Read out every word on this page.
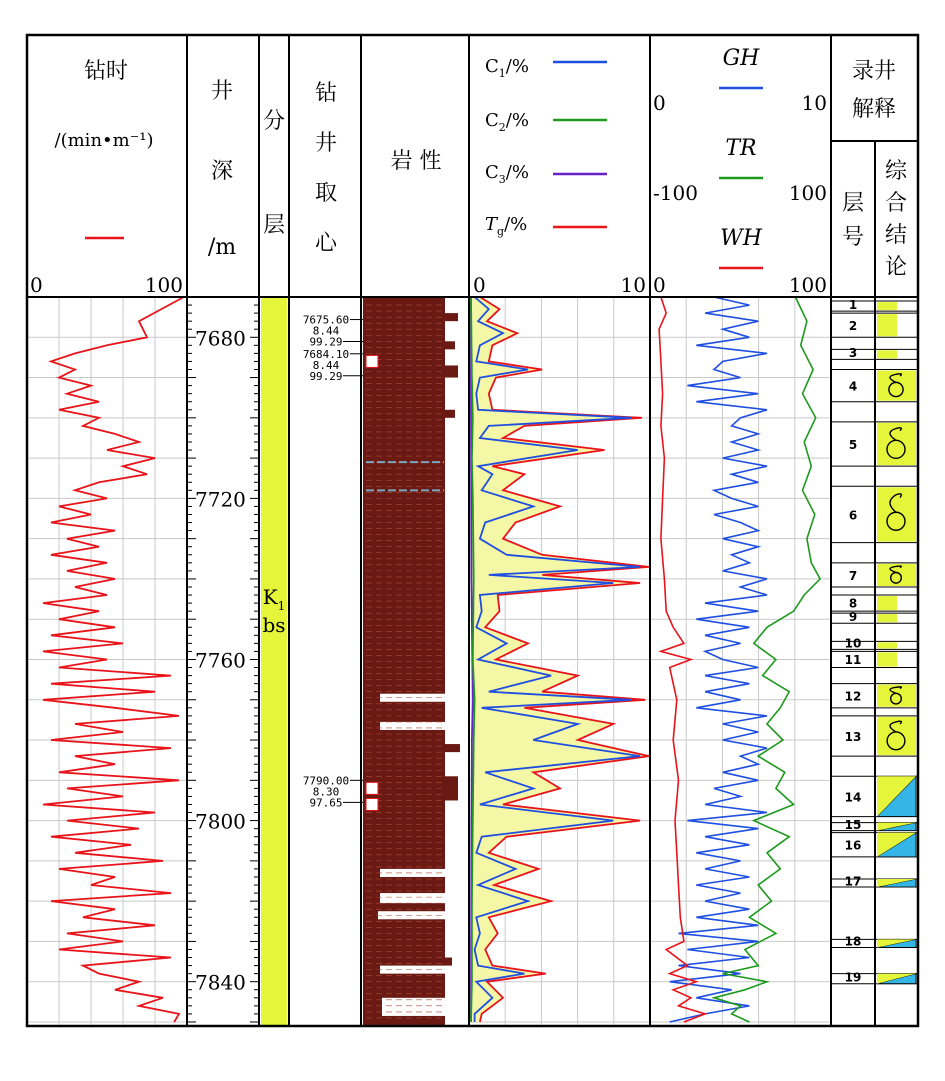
钻时
/(min•m⁻¹)
0	100
井
深
/m
分
层
钻
井
取
心
岩 性
$C_1/\%$
$C_2/\%$
$C_3/\%$
$T_g/\%$
0	10
GH
0	10
TR
-100	100
WH
0	100
录井
解释
层
号
综
合
结
论
$K_1$
bs
7680
7720
7760
7800
7840
7675.60
8.44
99.29
7684.10
8.44
99.29
7790.00
8.30
97.65
1
2
3
4
5
6
7
8
9
10
11
12
13
14
15
16
17
18
19
